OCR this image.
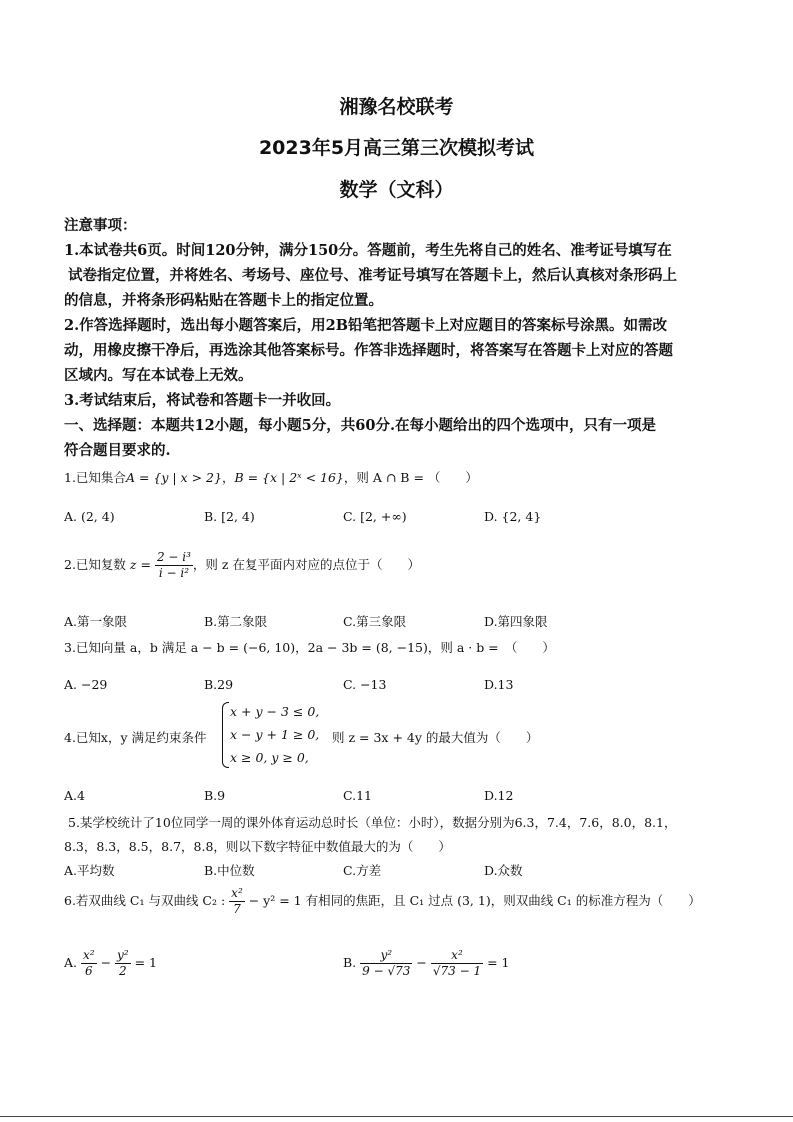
湘豫名校联考
2023年5月高三第三次模拟考试
数学（文科）
注意事项：
1.本试卷共6页。时间120分钟，满分150分。答题前，考生先将自己的姓名、准考证号填写在
试卷指定位置，并将姓名、考场号、座位号、准考证号填写在答题卡上，然后认真核对条形码上
的信息，并将条形码粘贴在答题卡上的指定位置。
2.作答选择题时，选出每小题答案后，用2B铅笔把答题卡上对应题目的答案标号涂黑。如需改
动，用橡皮擦干净后，再选涂其他答案标号。作答非选择题时，将答案写在答题卡上对应的答题
区域内。写在本试卷上无效。
3.考试结束后，将试卷和答题卡一并收回。
一、选择题：本题共12小题，每小题5分，共60分.在每小题给出的四个选项中，只有一项是
符合题目要求的.
1.已知集合A = {y | x > 2}，B = {x | 2ˣ < 16}，则 A ∩ B = （　　）
A. (2, 4)	B. [2, 4)	C. [2, +∞)	D. {2, 4}
2.已知复数 $z = \frac{\text{2 − i³}}{\text{i − i²}}$ ，则 z 在复平面内对应的点位于（　　）
A.第一象限	B.第二象限	C.第三象限	D.第四象限
3.已知向量 a，b 满足 a − b = (−6, 10)，2a − 3b = (8, −15)，则 a · b =　（　　）
A. −29	B.29	C. −13	D.13
4.已知x，y 满足约束条件
x + y − 3 ≤ 0,
x − y + 1 ≥ 0,
x ≥ 0, y ≥ 0,
则 z = 3x + 4y 的最大值为（　　）
A.4	B.9	C.11	D.12
5.某学校统计了10位同学一周的课外体育运动总时长（单位：小时），数据分别为6.3，7.4，7.6，8.0，8.1，
8.3，8.3，8.5，8.7，8.8，则以下数字特征中数值最大的为（　　）
A.平均数	B.中位数	C.方差	D.众数
6.若双曲线 C₁ 与双曲线 C₂ : $\frac{\text{x²}}{7} - y^2 = 1$ 有相同的焦距，且 C₁ 过点 (3, 1)，则双曲线 C₁ 的标准方程为（　　）
A. $\frac{\text{x²}}{6} - \frac{\text{y²}}{2} = 1$	B. $\frac{\text{y²}}{9 - √73} - \frac{\text{x²}}{√73 - 1} = 1$
